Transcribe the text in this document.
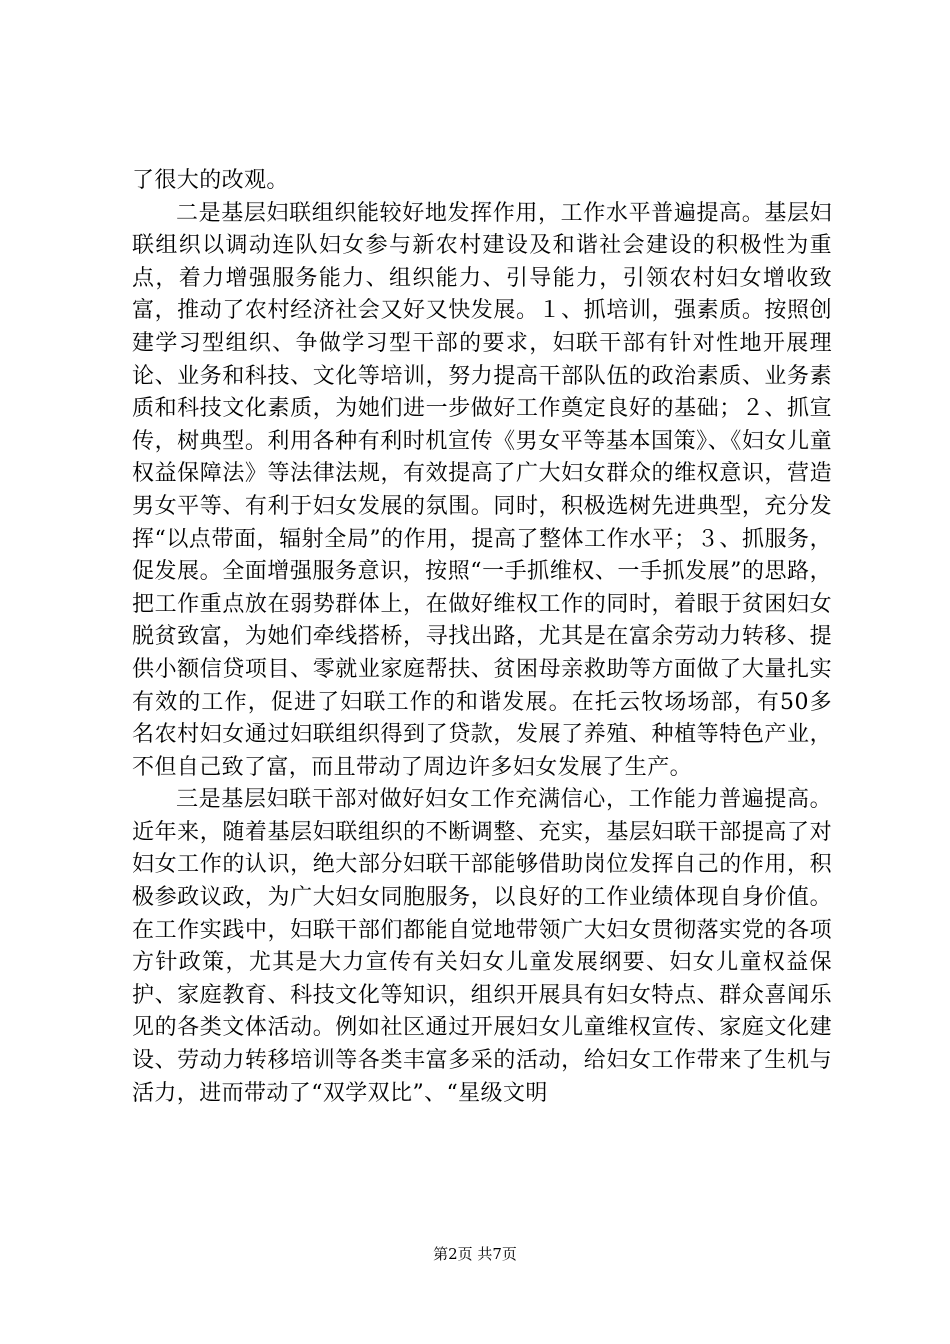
了很大的改观。

二是基层妇联组织能较好地发挥作用，工作水平普遍提高。基层妇联组织以调动连队妇女参与新农村建设及和谐社会建设的积极性为重点，着力增强服务能力、组织能力、引导能力，引领农村妇女增收致富，推动了农村经济社会又好又快发展。１、抓培训，强素质。按照创建学习型组织、争做学习型干部的要求，妇联干部有针对性地开展理论、业务和科技、文化等培训，努力提高干部队伍的政治素质、业务素质和科技文化素质，为她们进一步做好工作奠定良好的基础；２、抓宣传，树典型。利用各种有利时机宣传《男女平等基本国策》、《妇女儿童权益保障法》等法律法规，有效提高了广大妇女群众的维权意识，营造男女平等、有利于妇女发展的氛围。同时，积极选树先进典型，充分发挥“以点带面，辐射全局”的作用，提高了整体工作水平；３、抓服务，促发展。全面增强服务意识，按照“一手抓维权、一手抓发展”的思路，把工作重点放在弱势群体上，在做好维权工作的同时，着眼于贫困妇女脱贫致富，为她们牵线搭桥，寻找出路，尤其是在富余劳动力转移、提供小额信贷项目、零就业家庭帮扶、贫困母亲救助等方面做了大量扎实有效的工作，促进了妇联工作的和谐发展。在托云牧场场部，有50多名农村妇女通过妇联组织得到了贷款，发展了养殖、种植等特色产业，不但自己致了富，而且带动了周边许多妇女发展了生产。

三是基层妇联干部对做好妇女工作充满信心，工作能力普遍提高。近年来，随着基层妇联组织的不断调整、充实，基层妇联干部提高了对妇女工作的认识，绝大部分妇联干部能够借助岗位发挥自己的作用，积极参政议政，为广大妇女同胞服务，以良好的工作业绩体现自身价值。在工作实践中，妇联干部们都能自觉地带领广大妇女贯彻落实党的各项方针政策，尤其是大力宣传有关妇女儿童发展纲要、妇女儿童权益保护、家庭教育、科技文化等知识，组织开展具有妇女特点、群众喜闻乐见的各类文体活动。例如社区通过开展妇女儿童维权宣传、家庭文化建设、劳动力转移培训等各类丰富多采的活动，给妇女工作带来了生机与活力，进而带动了“双学双比”、“星级文明

第2页 共7页
